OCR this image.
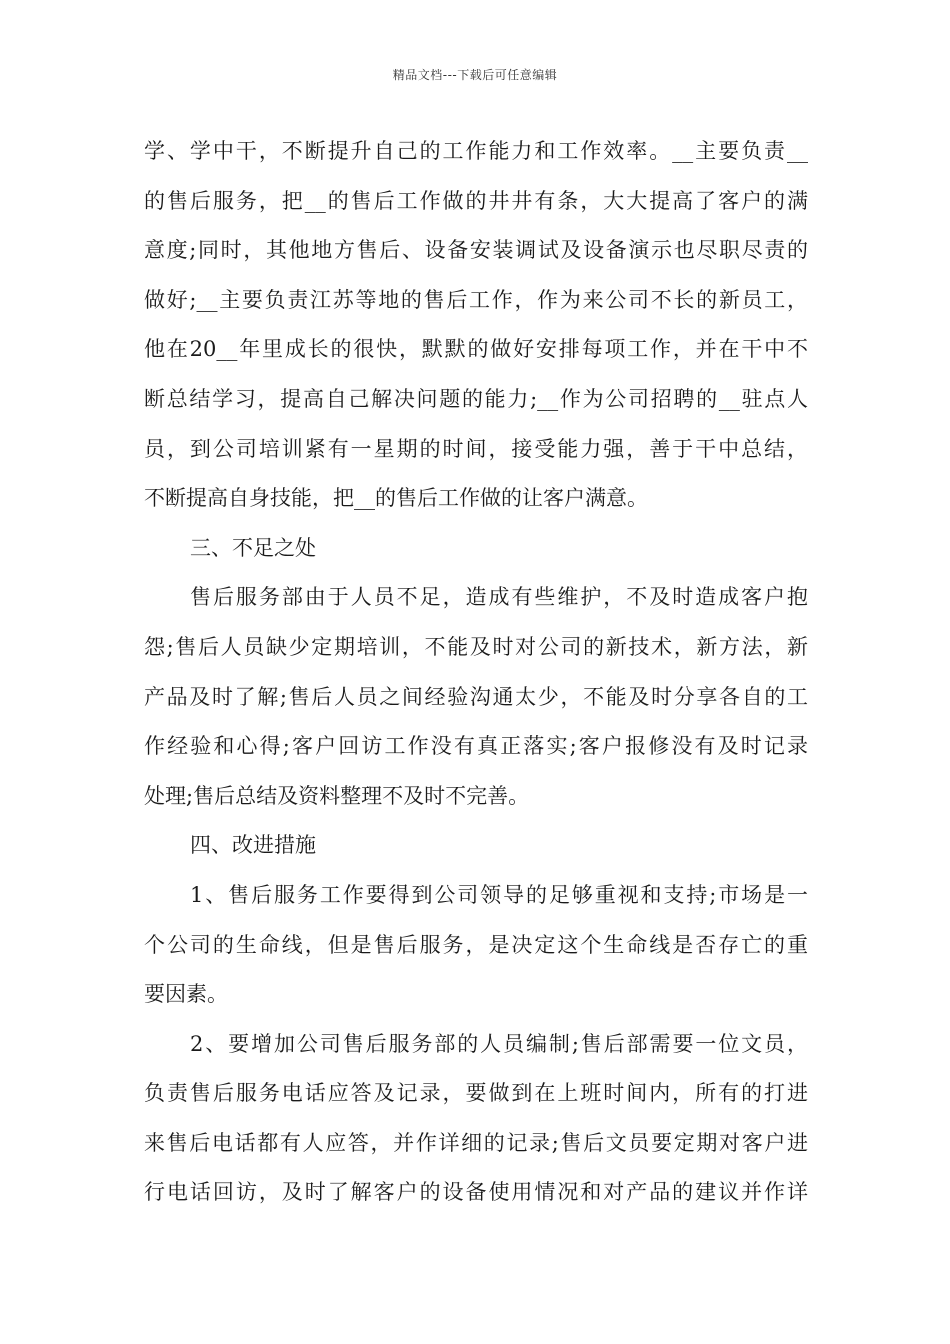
精品文档---下载后可任意编辑
学、学中干，不断提升自己的工作能力和工作效率。__主要负责__
的售后服务，把__的售后工作做的井井有条，大大提高了客户的满
意度;同时，其他地方售后、设备安装调试及设备演示也尽职尽责的
做好;__主要负责江苏等地的售后工作，作为来公司不长的新员工，
他在20__年里成长的很快，默默的做好安排每项工作，并在干中不
断总结学习，提高自己解决问题的能力;__作为公司招聘的__驻点人
员，到公司培训紧有一星期的时间，接受能力强，善于干中总结，
不断提高自身技能，把__的售后工作做的让客户满意。
三、不足之处
售后服务部由于人员不足，造成有些维护，不及时造成客户抱
怨;售后人员缺少定期培训，不能及时对公司的新技术，新方法，新
产品及时了解;售后人员之间经验沟通太少，不能及时分享各自的工
作经验和心得;客户回访工作没有真正落实;客户报修没有及时记录
处理;售后总结及资料整理不及时不完善。
四、改进措施
1、售后服务工作要得到公司领导的足够重视和支持;市场是一
个公司的生命线，但是售后服务，是决定这个生命线是否存亡的重
要因素。
2、要增加公司售后服务部的人员编制;售后部需要一位文员，
负责售后服务电话应答及记录，要做到在上班时间内，所有的打进
来售后电话都有人应答，并作详细的记录;售后文员要定期对客户进
行电话回访，及时了解客户的设备使用情况和对产品的建议并作详
